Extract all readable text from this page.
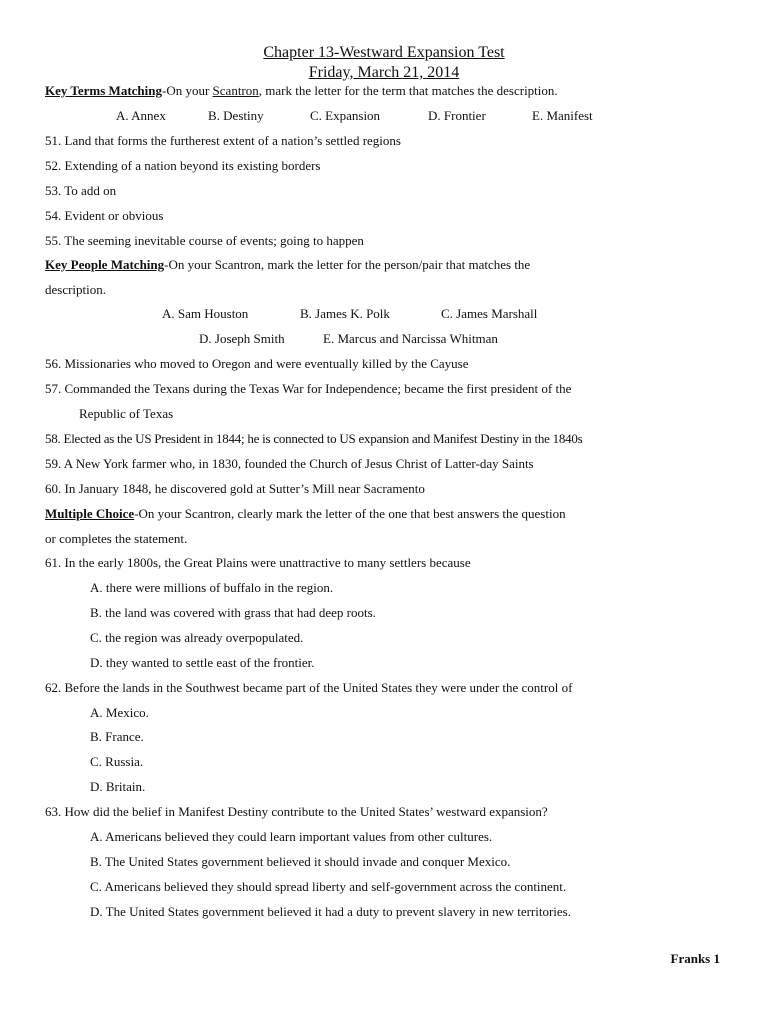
Chapter 13-Westward Expansion Test
Friday, March 21, 2014
Key Terms Matching-On your Scantron, mark the letter for the term that matches the description.
A. Annex	B. Destiny	C. Expansion	D. Frontier	E. Manifest
51. Land that forms the furtherest extent of a nation’s settled regions
52. Extending of a nation beyond its existing borders
53. To add on
54. Evident or obvious
55. The seeming inevitable course of events; going to happen
Key People Matching-On your Scantron, mark the letter for the person/pair that matches the
description.
A. Sam Houston	B. James K. Polk	C. James Marshall
D. Joseph Smith	E. Marcus and Narcissa Whitman
56. Missionaries who moved to Oregon and were eventually killed by the Cayuse
57. Commanded the Texans during the Texas War for Independence; became the first president of the
Republic of Texas
58. Elected as the US President in 1844; he is connected to US expansion and Manifest Destiny in the 1840s
59. A New York farmer who, in 1830, founded the Church of Jesus Christ of Latter-day Saints
60. In January 1848, he discovered gold at Sutter’s Mill near Sacramento
Multiple Choice-On your Scantron, clearly mark the letter of the one that best answers the question
or completes the statement.
61. In the early 1800s, the Great Plains were unattractive to many settlers because
A. there were millions of buffalo in the region.
B. the land was covered with grass that had deep roots.
C. the region was already overpopulated.
D. they wanted to settle east of the frontier.
62. Before the lands in the Southwest became part of the United States they were under the control of
A. Mexico.
B. France.
C. Russia.
D. Britain.
63. How did the belief in Manifest Destiny contribute to the United States’ westward expansion?
A. Americans believed they could learn important values from other cultures.
B. The United States government believed it should invade and conquer Mexico.
C. Americans believed they should spread liberty and self-government across the continent.
D. The United States government believed it had a duty to prevent slavery in new territories.
Franks 1
